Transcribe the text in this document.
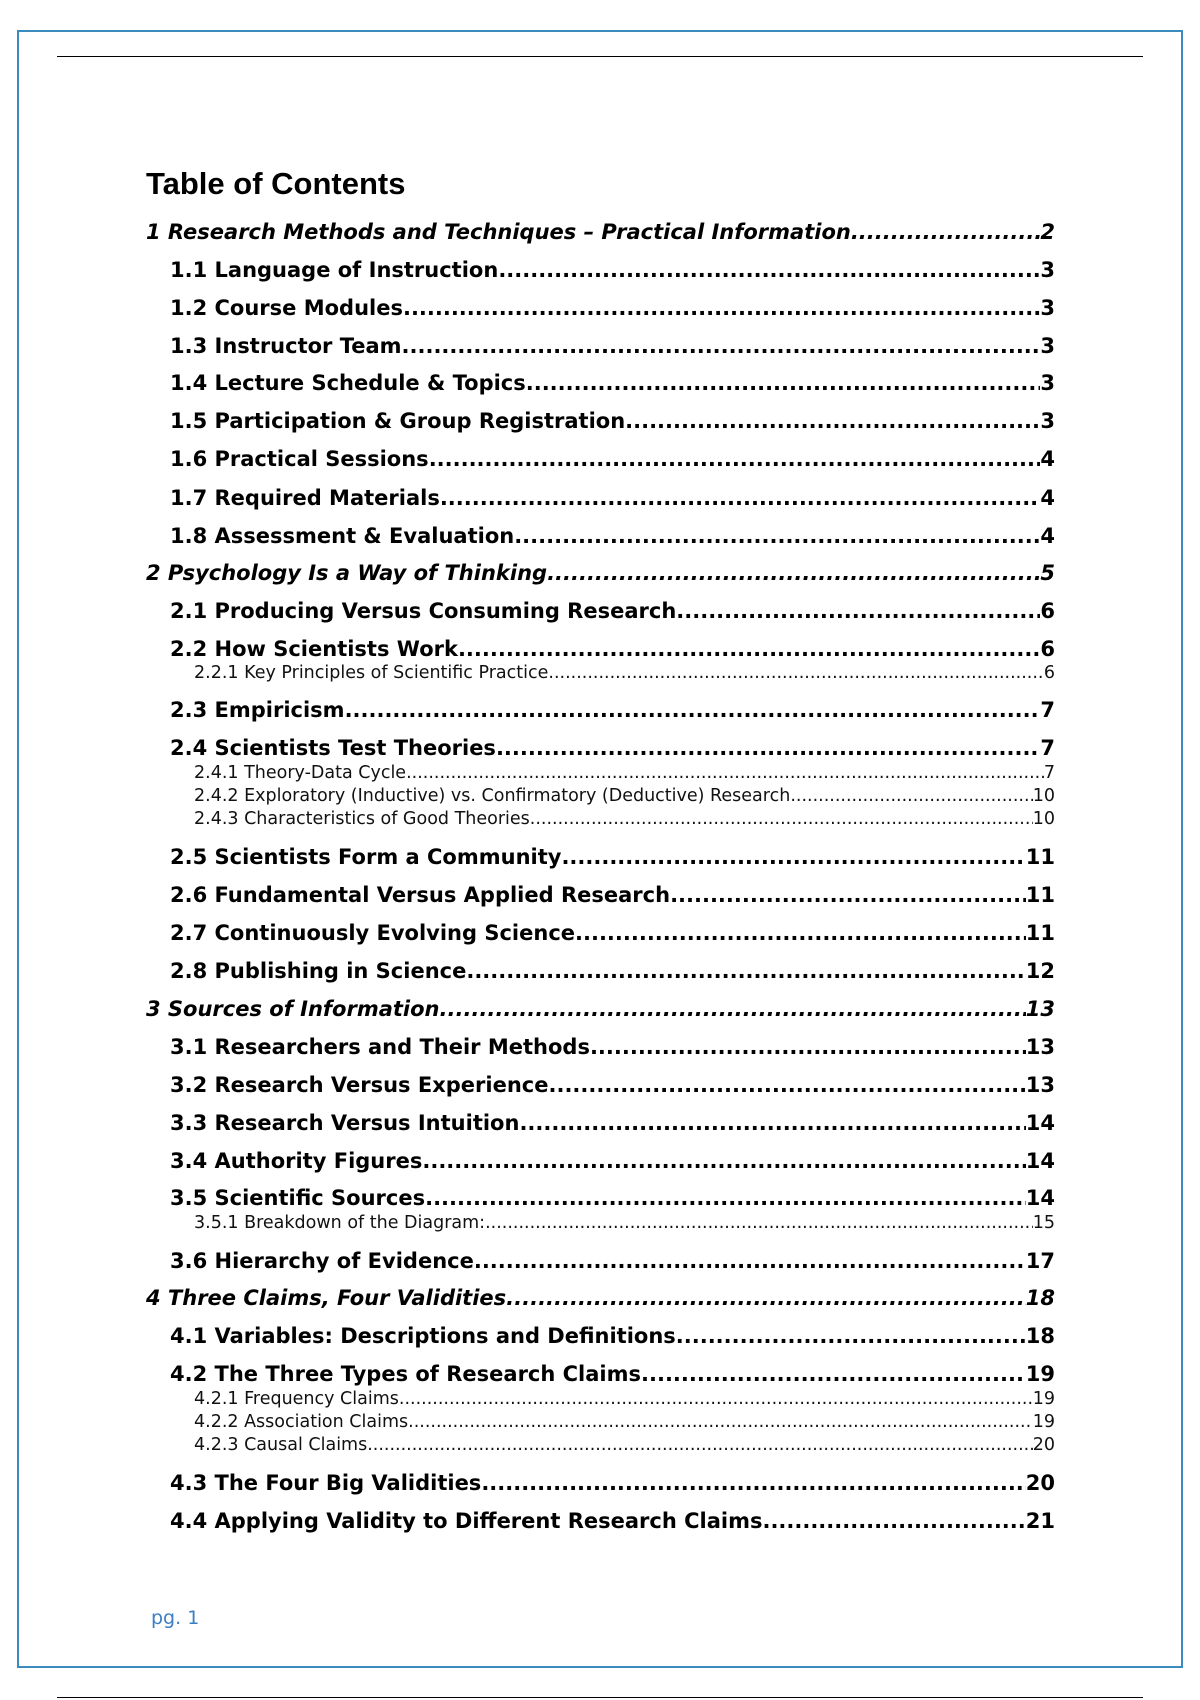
Table of Contents
1 Research Methods and Techniques – Practical Information .....	2
1.1 Language of Instruction .....	3
1.2 Course Modules .....	3
1.3 Instructor Team .....	3
1.4 Lecture Schedule & Topics .....	3
1.5 Participation & Group Registration .....	3
1.6 Practical Sessions .....	4
1.7 Required Materials .....	4
1.8 Assessment & Evaluation .....	4
2 Psychology Is a Way of Thinking .....	5
2.1 Producing Versus Consuming Research .....	6
2.2 How Scientists Work .....	6
2.2.1 Key Principles of Scientific Practice .....	6
2.3 Empiricism .....	7
2.4 Scientists Test Theories .....	7
2.4.1 Theory-Data Cycle .....	7
2.4.2 Exploratory (Inductive) vs. Confirmatory (Deductive) Research .....	10
2.4.3 Characteristics of Good Theories .....	10
2.5 Scientists Form a Community .....	11
2.6 Fundamental Versus Applied Research .....	11
2.7 Continuously Evolving Science .....	11
2.8 Publishing in Science .....	12
3 Sources of Information .....	13
3.1 Researchers and Their Methods .....	13
3.2 Research Versus Experience .....	13
3.3 Research Versus Intuition .....	14
3.4 Authority Figures .....	14
3.5 Scientific Sources .....	14
3.5.1 Breakdown of the Diagram: .....	15
3.6 Hierarchy of Evidence .....	17
4 Three Claims, Four Validities .....	18
4.1 Variables: Descriptions and Definitions .....	18
4.2 The Three Types of Research Claims .....	19
4.2.1 Frequency Claims .....	19
4.2.2 Association Claims .....	19
4.2.3 Causal Claims .....	20
4.3 The Four Big Validities .....	20
4.4 Applying Validity to Different Research Claims .....	21
pg. 1
